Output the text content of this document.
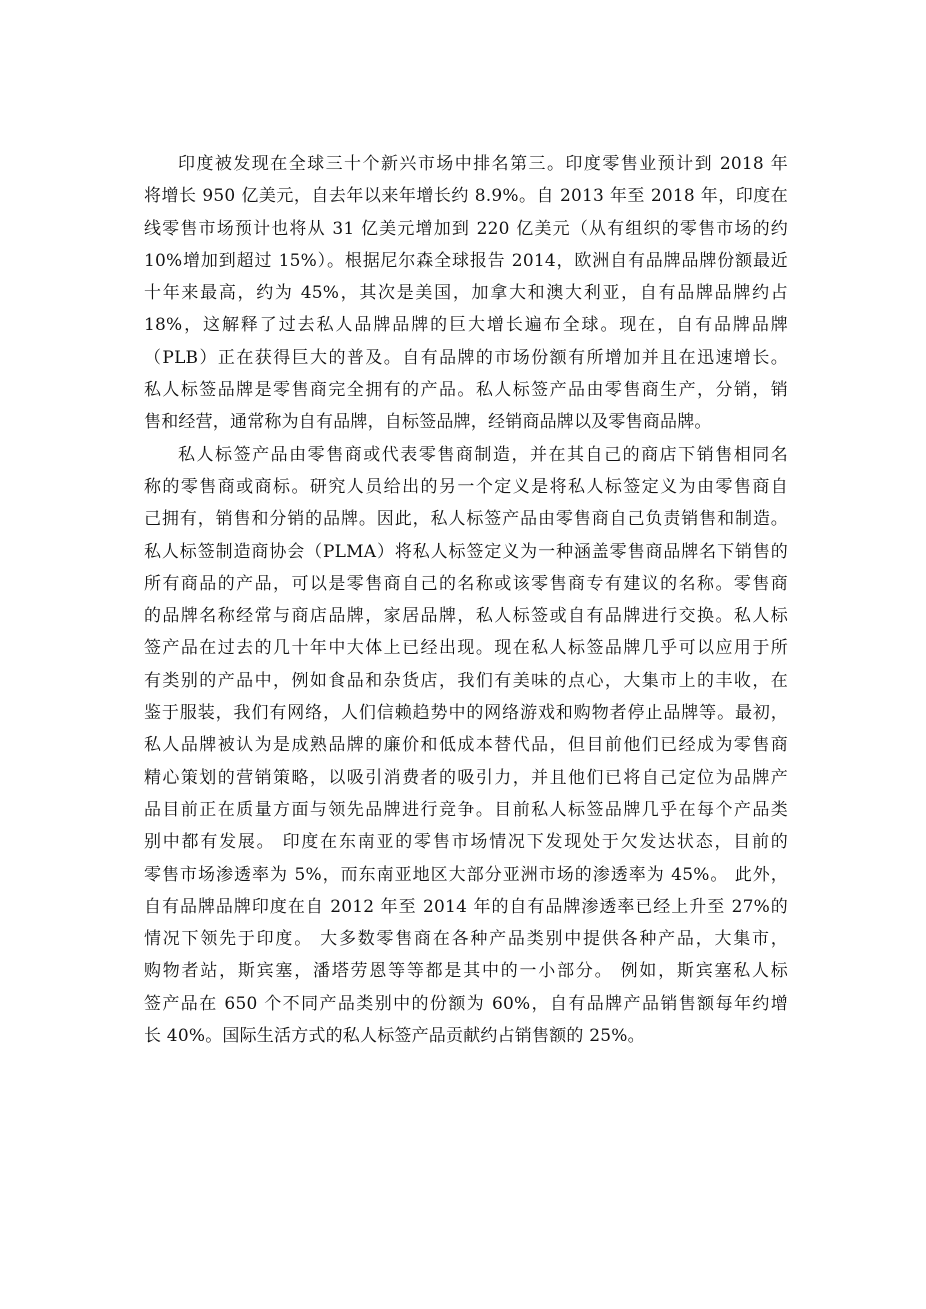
印度被发现在全球三十个新兴市场中排名第三。印度零售业预计到 2018 年
将增长 950 亿美元，自去年以来年增长约 8.9%。自 2013 年至 2018 年，印度在
线零售市场预计也将从 31 亿美元增加到 220 亿美元（从有组织的零售市场的约
10%增加到超过 15%）。根据尼尔森全球报告 2014，欧洲自有品牌品牌份额最近
十年来最高，约为 45%，其次是美国，加拿大和澳大利亚，自有品牌品牌约占
18%，这解释了过去私人品牌品牌的巨大增长遍布全球。现在，自有品牌品牌
（PLB）正在获得巨大的普及。自有品牌的市场份额有所增加并且在迅速增长。
私人标签品牌是零售商完全拥有的产品。私人标签产品由零售商生产，分销，销
售和经营，通常称为自有品牌，自标签品牌，经销商品牌以及零售商品牌。
私人标签产品由零售商或代表零售商制造，并在其自己的商店下销售相同名
称的零售商或商标。研究人员给出的另一个定义是将私人标签定义为由零售商自
己拥有，销售和分销的品牌。因此，私人标签产品由零售商自己负责销售和制造。
私人标签制造商协会（PLMA）将私人标签定义为一种涵盖零售商品牌名下销售的
所有商品的产品，可以是零售商自己的名称或该零售商专有建议的名称。零售商
的品牌名称经常与商店品牌，家居品牌，私人标签或自有品牌进行交换。私人标
签产品在过去的几十年中大体上已经出现。现在私人标签品牌几乎可以应用于所
有类别的产品中，例如食品和杂货店，我们有美味的点心，大集市上的丰收，在
鉴于服装，我们有网络，人们信赖趋势中的网络游戏和购物者停止品牌等。最初，
私人品牌被认为是成熟品牌的廉价和低成本替代品，但目前他们已经成为零售商
精心策划的营销策略，以吸引消费者的吸引力，并且他们已将自己定位为品牌产
品目前正在质量方面与领先品牌进行竞争。目前私人标签品牌几乎在每个产品类
别中都有发展。 印度在东南亚的零售市场情况下发现处于欠发达状态，目前的
零售市场渗透率为 5%，而东南亚地区大部分亚洲市场的渗透率为 45%。 此外，
自有品牌品牌印度在自 2012 年至 2014 年的自有品牌渗透率已经上升至 27%的
情况下领先于印度。 大多数零售商在各种产品类别中提供各种产品，大集市，
购物者站，斯宾塞，潘塔劳恩等等都是其中的一小部分。 例如，斯宾塞私人标
签产品在 650 个不同产品类别中的份额为 60%，自有品牌产品销售额每年约增
长 40%。国际生活方式的私人标签产品贡献约占销售额的 25%。
